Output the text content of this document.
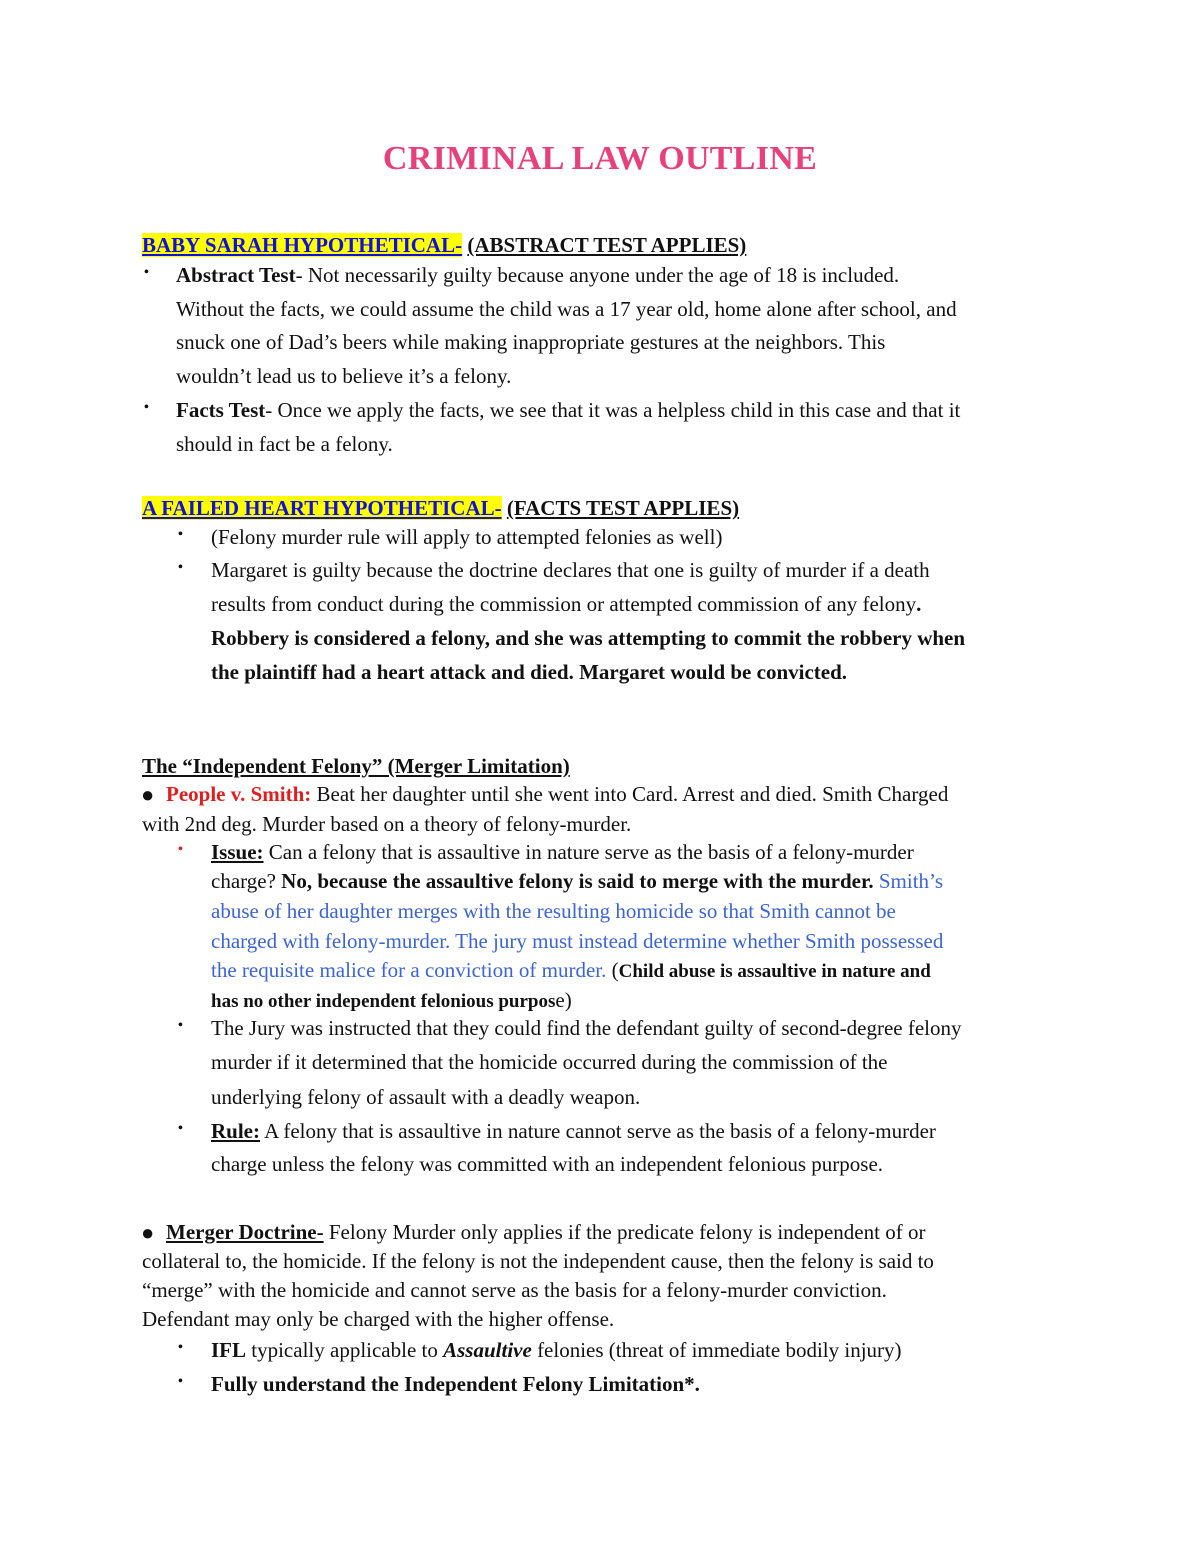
CRIMINAL LAW OUTLINE
BABY SARAH HYPOTHETICAL- (ABSTRACT TEST APPLIES)
• Abstract Test- Not necessarily guilty because anyone under the age of 18 is included.
Without the facts, we could assume the child was a 17 year old, home alone after school, and
snuck one of Dad’s beers while making inappropriate gestures at the neighbors. This
wouldn’t lead us to believe it’s a felony.
• Facts Test- Once we apply the facts, we see that it was a helpless child in this case and that it
should in fact be a felony.
A FAILED HEART HYPOTHETICAL- (FACTS TEST APPLIES)
• (Felony murder rule will apply to attempted felonies as well)
• Margaret is guilty because the doctrine declares that one is guilty of murder if a death
results from conduct during the commission or attempted commission of any felony.
Robbery is considered a felony, and she was attempting to commit the robbery when
the plaintiff had a heart attack and died. Margaret would be convicted.
The “Independent Felony” (Merger Limitation)
● People v. Smith: Beat her daughter until she went into Card. Arrest and died. Smith Charged
with 2nd deg. Murder based on a theory of felony-murder.
• Issue: Can a felony that is assaultive in nature serve as the basis of a felony-murder
charge? No, because the assaultive felony is said to merge with the murder. Smith’s
abuse of her daughter merges with the resulting homicide so that Smith cannot be
charged with felony-murder. The jury must instead determine whether Smith possessed
the requisite malice for a conviction of murder. (Child abuse is assaultive in nature and
has no other independent felonious purpose)
• The Jury was instructed that they could find the defendant guilty of second-degree felony
murder if it determined that the homicide occurred during the commission of the
underlying felony of assault with a deadly weapon.
• Rule: A felony that is assaultive in nature cannot serve as the basis of a felony-murder
charge unless the felony was committed with an independent felonious purpose.
● Merger Doctrine- Felony Murder only applies if the predicate felony is independent of or
collateral to, the homicide. If the felony is not the independent cause, then the felony is said to
“merge” with the homicide and cannot serve as the basis for a felony-murder conviction.
Defendant may only be charged with the higher offense.
• IFL typically applicable to Assaultive felonies (threat of immediate bodily injury)
• Fully understand the Independent Felony Limitation*.
